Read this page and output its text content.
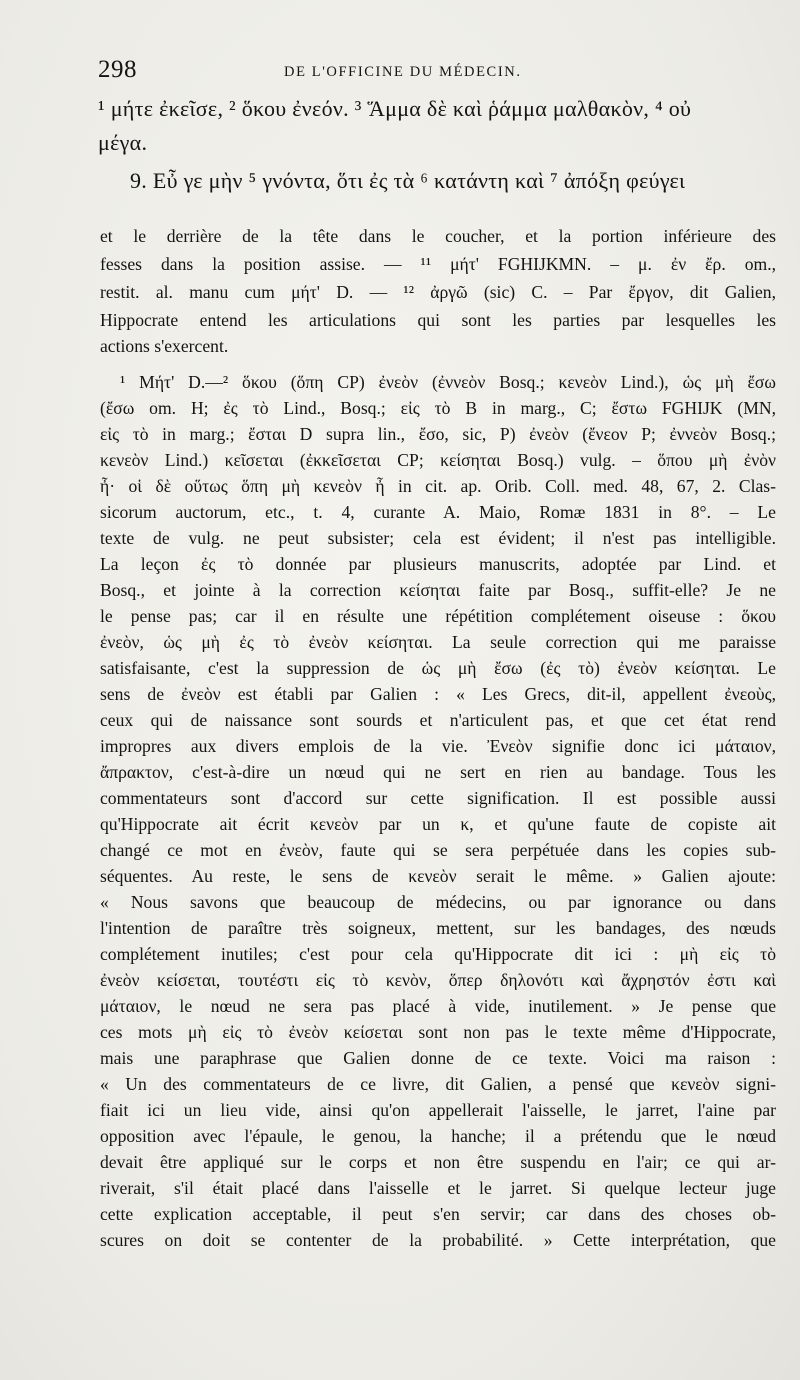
298	DE L'OFFICINE DU MÉDECIN.
¹ μήτε ἐκεῖσε, ² ὅκου ἐνεόν. ³ Ἅμμα δὲ καὶ ῥάμμα μαλθακὸν, ⁴ οὐ
μέγα.
9. Εὖ γε μὴν ⁵ γνόντα, ὅτι ἐς τὰ ⁶ κατάντη καὶ ⁷ ἀπόξη φεύγει
et le derrière de la tête dans le coucher, et la portion inférieure des
fesses dans la position assise. — ¹¹ μήτ' FGHIJKMN. – μ. ἐν ἔρ. om.,
restit. al. manu cum μήτ' D. — ¹² ἀργῶ (sic) C. – Par ἔργον, dit Galien,
Hippocrate entend les articulations qui sont les parties par lesquelles les
actions s'exercent.
¹ Μήτ' D.—² ὅκου (ὅπη CP) ἐνεὸν (ἐννεὸν Bosq.; κενεὸν Lind.), ὡς μὴ ἔσω
(ἔσω om. H; ἐς τὸ Lind., Bosq.; εἰς τὸ B in marg., C; ἔστω FGHIJK (MN,
εἰς τὸ in marg.; ἔσται D supra lin., ἔσο, sic, P) ἐνεὸν (ἔνεον P; ἐννεὸν Bosq.;
κενεὸν Lind.) κεῖσεται (ἐκκεῖσεται CP; κείσηται Bosq.) vulg. – ὅπου μὴ ἐνὸν
ἦ· οἱ δὲ οὕτως ὅπη μὴ κενεὸν ἦ in cit. ap. Orib. Coll. med. 48, 67, 2. Clas-
sicorum auctorum, etc., t. 4, curante A. Maio, Romæ 1831 in 8°. – Le
texte de vulg. ne peut subsister; cela est évident; il n'est pas intelligible.
La leçon ἐς τὸ donnée par plusieurs manuscrits, adoptée par Lind. et
Bosq., et jointe à la correction κείσηται faite par Bosq., suffit-elle? Je ne
le pense pas; car il en résulte une répétition complétement oiseuse : ὅκου
ἐνεὸν, ὡς μὴ ἐς τὸ ἐνεὸν κείσηται. La seule correction qui me paraisse
satisfaisante, c'est la suppression de ὡς μὴ ἔσω (ἐς τὸ) ἐνεὸν κείσηται. Le
sens de ἐνεὸν est établi par Galien : « Les Grecs, dit-il, appellent ἐνεοὺς,
ceux qui de naissance sont sourds et n'articulent pas, et que cet état rend
impropres aux divers emplois de la vie. Ἐνεὸν signifie donc ici μάταιον,
ἄπρακτον, c'est-à-dire un nœud qui ne sert en rien au bandage. Tous les
commentateurs sont d'accord sur cette signification. Il est possible aussi
qu'Hippocrate ait écrit κενεὸν par un κ, et qu'une faute de copiste ait
changé ce mot en ἐνεὸν, faute qui se sera perpétuée dans les copies sub-
séquentes. Au reste, le sens de κενεὸν serait le même. » Galien ajoute:
« Nous savons que beaucoup de médecins, ou par ignorance ou dans
l'intention de paraître très soigneux, mettent, sur les bandages, des nœuds
complétement inutiles; c'est pour cela qu'Hippocrate dit ici : μὴ εἰς τὸ
ἐνεὸν κείσεται, τουτέστι εἰς τὸ κενὸν, ὅπερ δηλονότι καὶ ἄχρηστόν ἐστι καὶ
μάταιον, le nœud ne sera pas placé à vide, inutilement. » Je pense que
ces mots μὴ εἰς τὸ ἐνεὸν κείσεται sont non pas le texte même d'Hippocrate,
mais une paraphrase que Galien donne de ce texte. Voici ma raison :
« Un des commentateurs de ce livre, dit Galien, a pensé que κενεὸν signi-
fiait ici un lieu vide, ainsi qu'on appellerait l'aisselle, le jarret, l'aine par
opposition avec l'épaule, le genou, la hanche; il a prétendu que le nœud
devait être appliqué sur le corps et non être suspendu en l'air; ce qui ar-
riverait, s'il était placé dans l'aisselle et le jarret. Si quelque lecteur juge
cette explication acceptable, il peut s'en servir; car dans des choses ob-
scures on doit se contenter de la probabilité. » Cette interprétation, que
